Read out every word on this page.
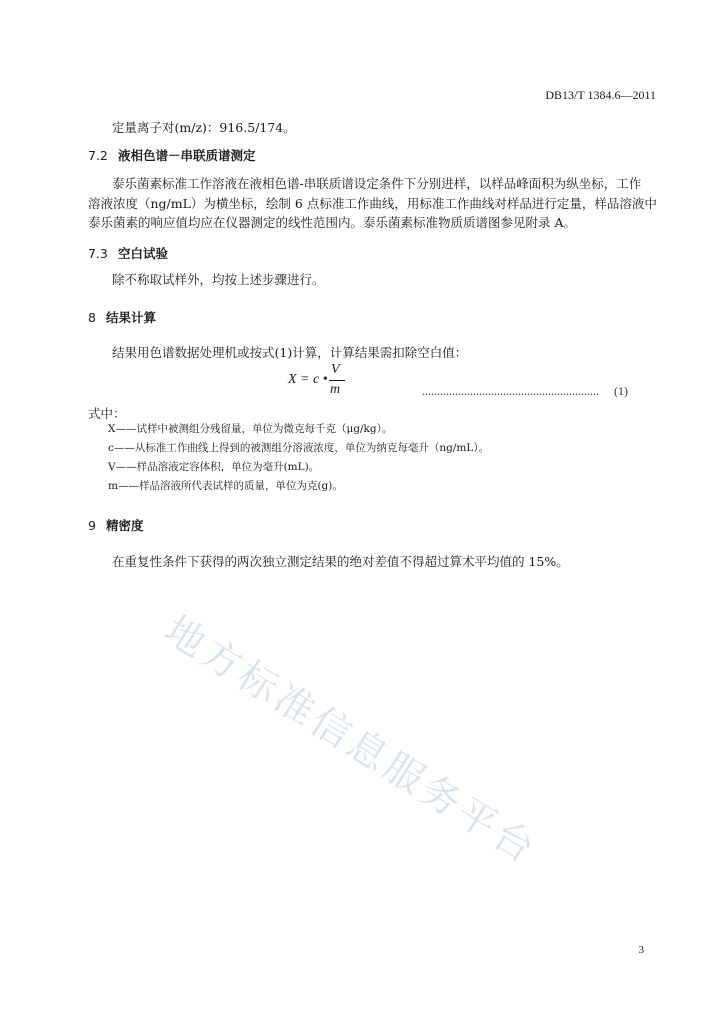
DB13/T 1384.6—2011
定量离子对(m/z)：916.5/174。
7.2 液相色谱－串联质谱测定
泰乐菌素标准工作溶液在液相色谱-串联质谱设定条件下分别进样，以样品峰面积为纵坐标，工作
溶液浓度（ng/mL）为横坐标，绘制 6 点标准工作曲线，用标准工作曲线对样品进行定量，样品溶液中
泰乐菌素的响应值均应在仪器测定的线性范围内。泰乐菌素标准物质质谱图参见附录 A。
7.3 空白试验
除不称取试样外，均按上述步骤进行。
8 结果计算
结果用色谱数据处理机或按式(1)计算，计算结果需扣除空白值：
X = c •
V
m	........................................................... (1)
式中：
X——试样中被测组分残留量，单位为微克每千克（μg/kg）。
c——从标准工作曲线上得到的被测组分溶液浓度，单位为纳克每毫升（ng/mL）。
V——样品溶液定容体积，单位为毫升(mL)。
m——样品溶液所代表试样的质量，单位为克(g)。
9 精密度
在重复性条件下获得的两次独立测定结果的绝对差值不得超过算术平均值的 15%。
地方标准信息服务平台
3
